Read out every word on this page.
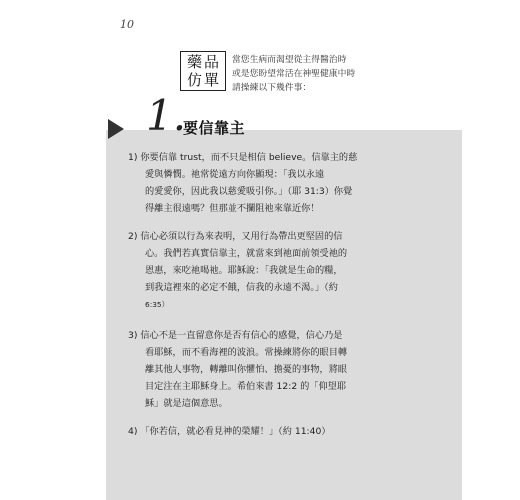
10
藥品
仿單
當您生病而渴望從主得醫治時
或是您盼望常活在神聖健康中時
請操練以下幾件事：
1.
要信靠主
1) 你要信靠 trust，而不只是相信 believe。信靠主的慈
愛與憐憫。祂常從遠方向你顯現：「我以永遠
的愛愛你，因此我以慈愛吸引你。」（耶 31:3）你覺
得離主很遠嗎？但那並不攔阻祂來靠近你！
2) 信心必須以行為來表明，又用行為帶出更堅固的信
心。我們若真實信靠主，就當來到祂面前領受祂的
恩惠，來吃祂喝祂。耶穌說：「我就是生命的糧，
到我這裡來的必定不餓，信我的永遠不渴。」（約
6:35）
3) 信心不是一直留意你是否有信心的感覺，信心乃是
看耶穌，而不看海裡的波浪。常操練將你的眼目轉
離其他人事物，轉離叫你懼怕、擔憂的事物，將眼
目定注在主耶穌身上。希伯來書 12:2 的「仰望耶
穌」就是這個意思。
4) 「你若信，就必看見神的榮耀！」（約 11:40）
